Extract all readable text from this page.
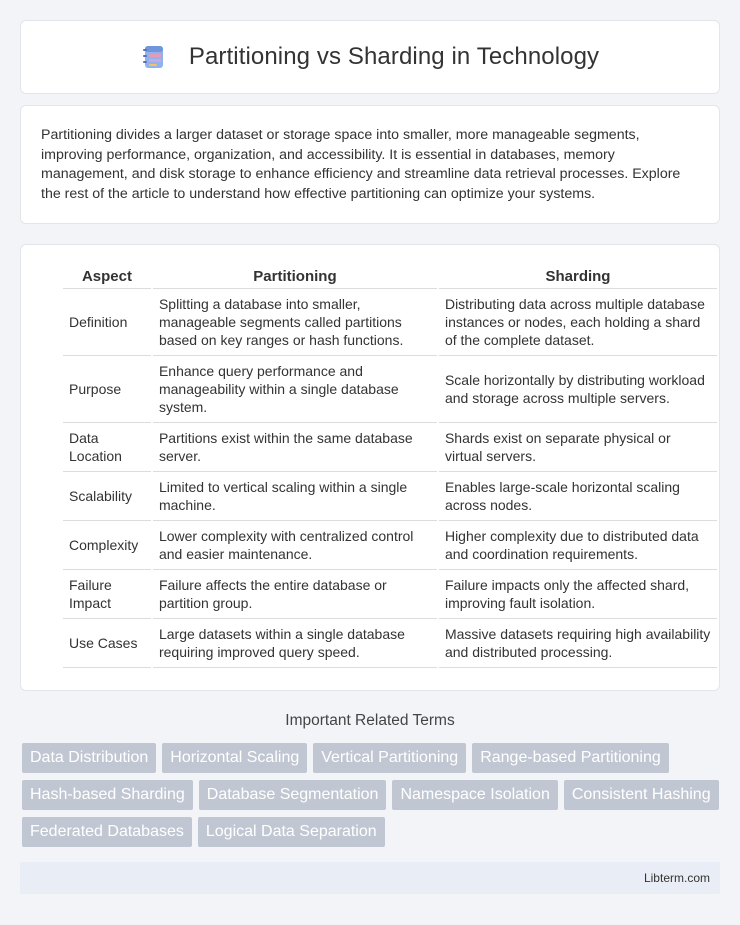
Partitioning vs Sharding in Technology

Partitioning divides a larger dataset or storage space into smaller, more manageable segments, improving performance, organization, and accessibility. It is essential in databases, memory management, and disk storage to enhance efficiency and streamline data retrieval processes. Explore the rest of the article to understand how effective partitioning can optimize your systems.

Aspect	Partitioning	Sharding
Definition	Splitting a database into smaller, manageable segments called partitions based on key ranges or hash functions.	Distributing data across multiple database instances or nodes, each holding a shard of the complete dataset.
Purpose	Enhance query performance and manageability within a single database system.	Scale horizontally by distributing workload and storage across multiple servers.
Data Location	Partitions exist within the same database server.	Shards exist on separate physical or virtual servers.
Scalability	Limited to vertical scaling within a single machine.	Enables large-scale horizontal scaling across nodes.
Complexity	Lower complexity with centralized control and easier maintenance.	Higher complexity due to distributed data and coordination requirements.
Failure Impact	Failure affects the entire database or partition group.	Failure impacts only the affected shard, improving fault isolation.
Use Cases	Large datasets within a single database requiring improved query speed.	Massive datasets requiring high availability and distributed processing.
Important Related Terms
Data Distribution	Horizontal Scaling	Vertical Partitioning	Range-based Partitioning
Hash-based Sharding	Database Segmentation	Namespace Isolation	Consistent Hashing
Federated Databases	Logical Data Separation
Libterm.com
